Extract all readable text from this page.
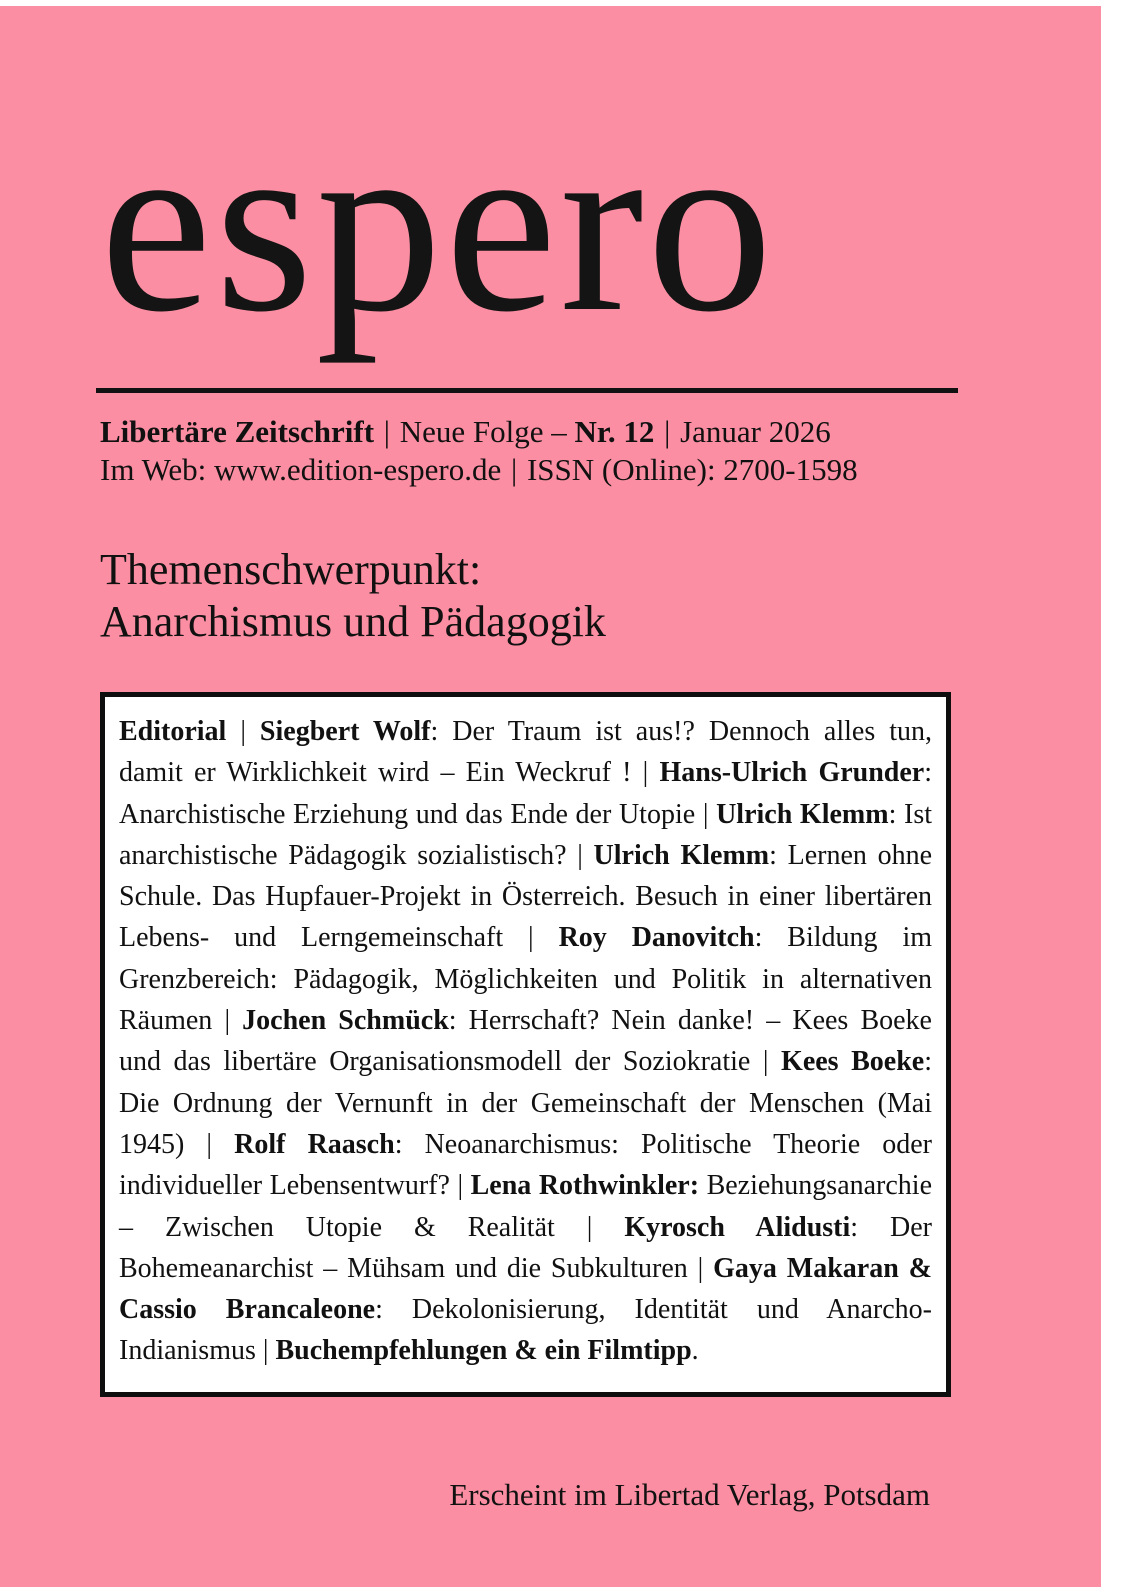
espero
Libertäre Zeitschrift | Neue Folge – Nr. 12 | Januar 2026
Im Web: www.edition-espero.de | ISSN (Online): 2700-1598
Themenschwerpunkt:
Anarchismus und Pädagogik

Editorial | Siegbert Wolf: Der Traum ist aus!? Dennoch alles tun, damit er Wirklichkeit wird – Ein Weckruf ! | Hans-Ulrich Grunder: Anarchistische Erziehung und das Ende der Utopie | Ulrich Klemm: Ist anarchistische Pädagogik sozialistisch? | Ulrich Klemm: Lernen ohne Schule. Das Hupfauer-Projekt in Österreich. Besuch in einer libertären Lebens- und Lerngemeinschaft | Roy Danovitch: Bildung im Grenzbereich: Pädagogik, Möglichkeiten und Politik in alternativen Räumen | Jochen Schmück: Herrschaft? Nein danke! – Kees Boeke und das libertäre Organisationsmodell der Soziokratie | Kees Boeke: Die Ordnung der Vernunft in der Gemeinschaft der Menschen (Mai 1945) | Rolf Raasch: Neoanarchismus: Politische Theorie oder individueller Lebensentwurf? | Lena Rothwinkler: Beziehungsanarchie – Zwischen Utopie & Realität | Kyrosch Alidusti: Der Bohemeanarchist – Mühsam und die Subkulturen | Gaya Makaran & Cassio Brancaleone: Dekolonisierung, Identität und Anarcho-Indianismus | Buchempfehlungen & ein Filmtipp.

Erscheint im Libertad Verlag, Potsdam
